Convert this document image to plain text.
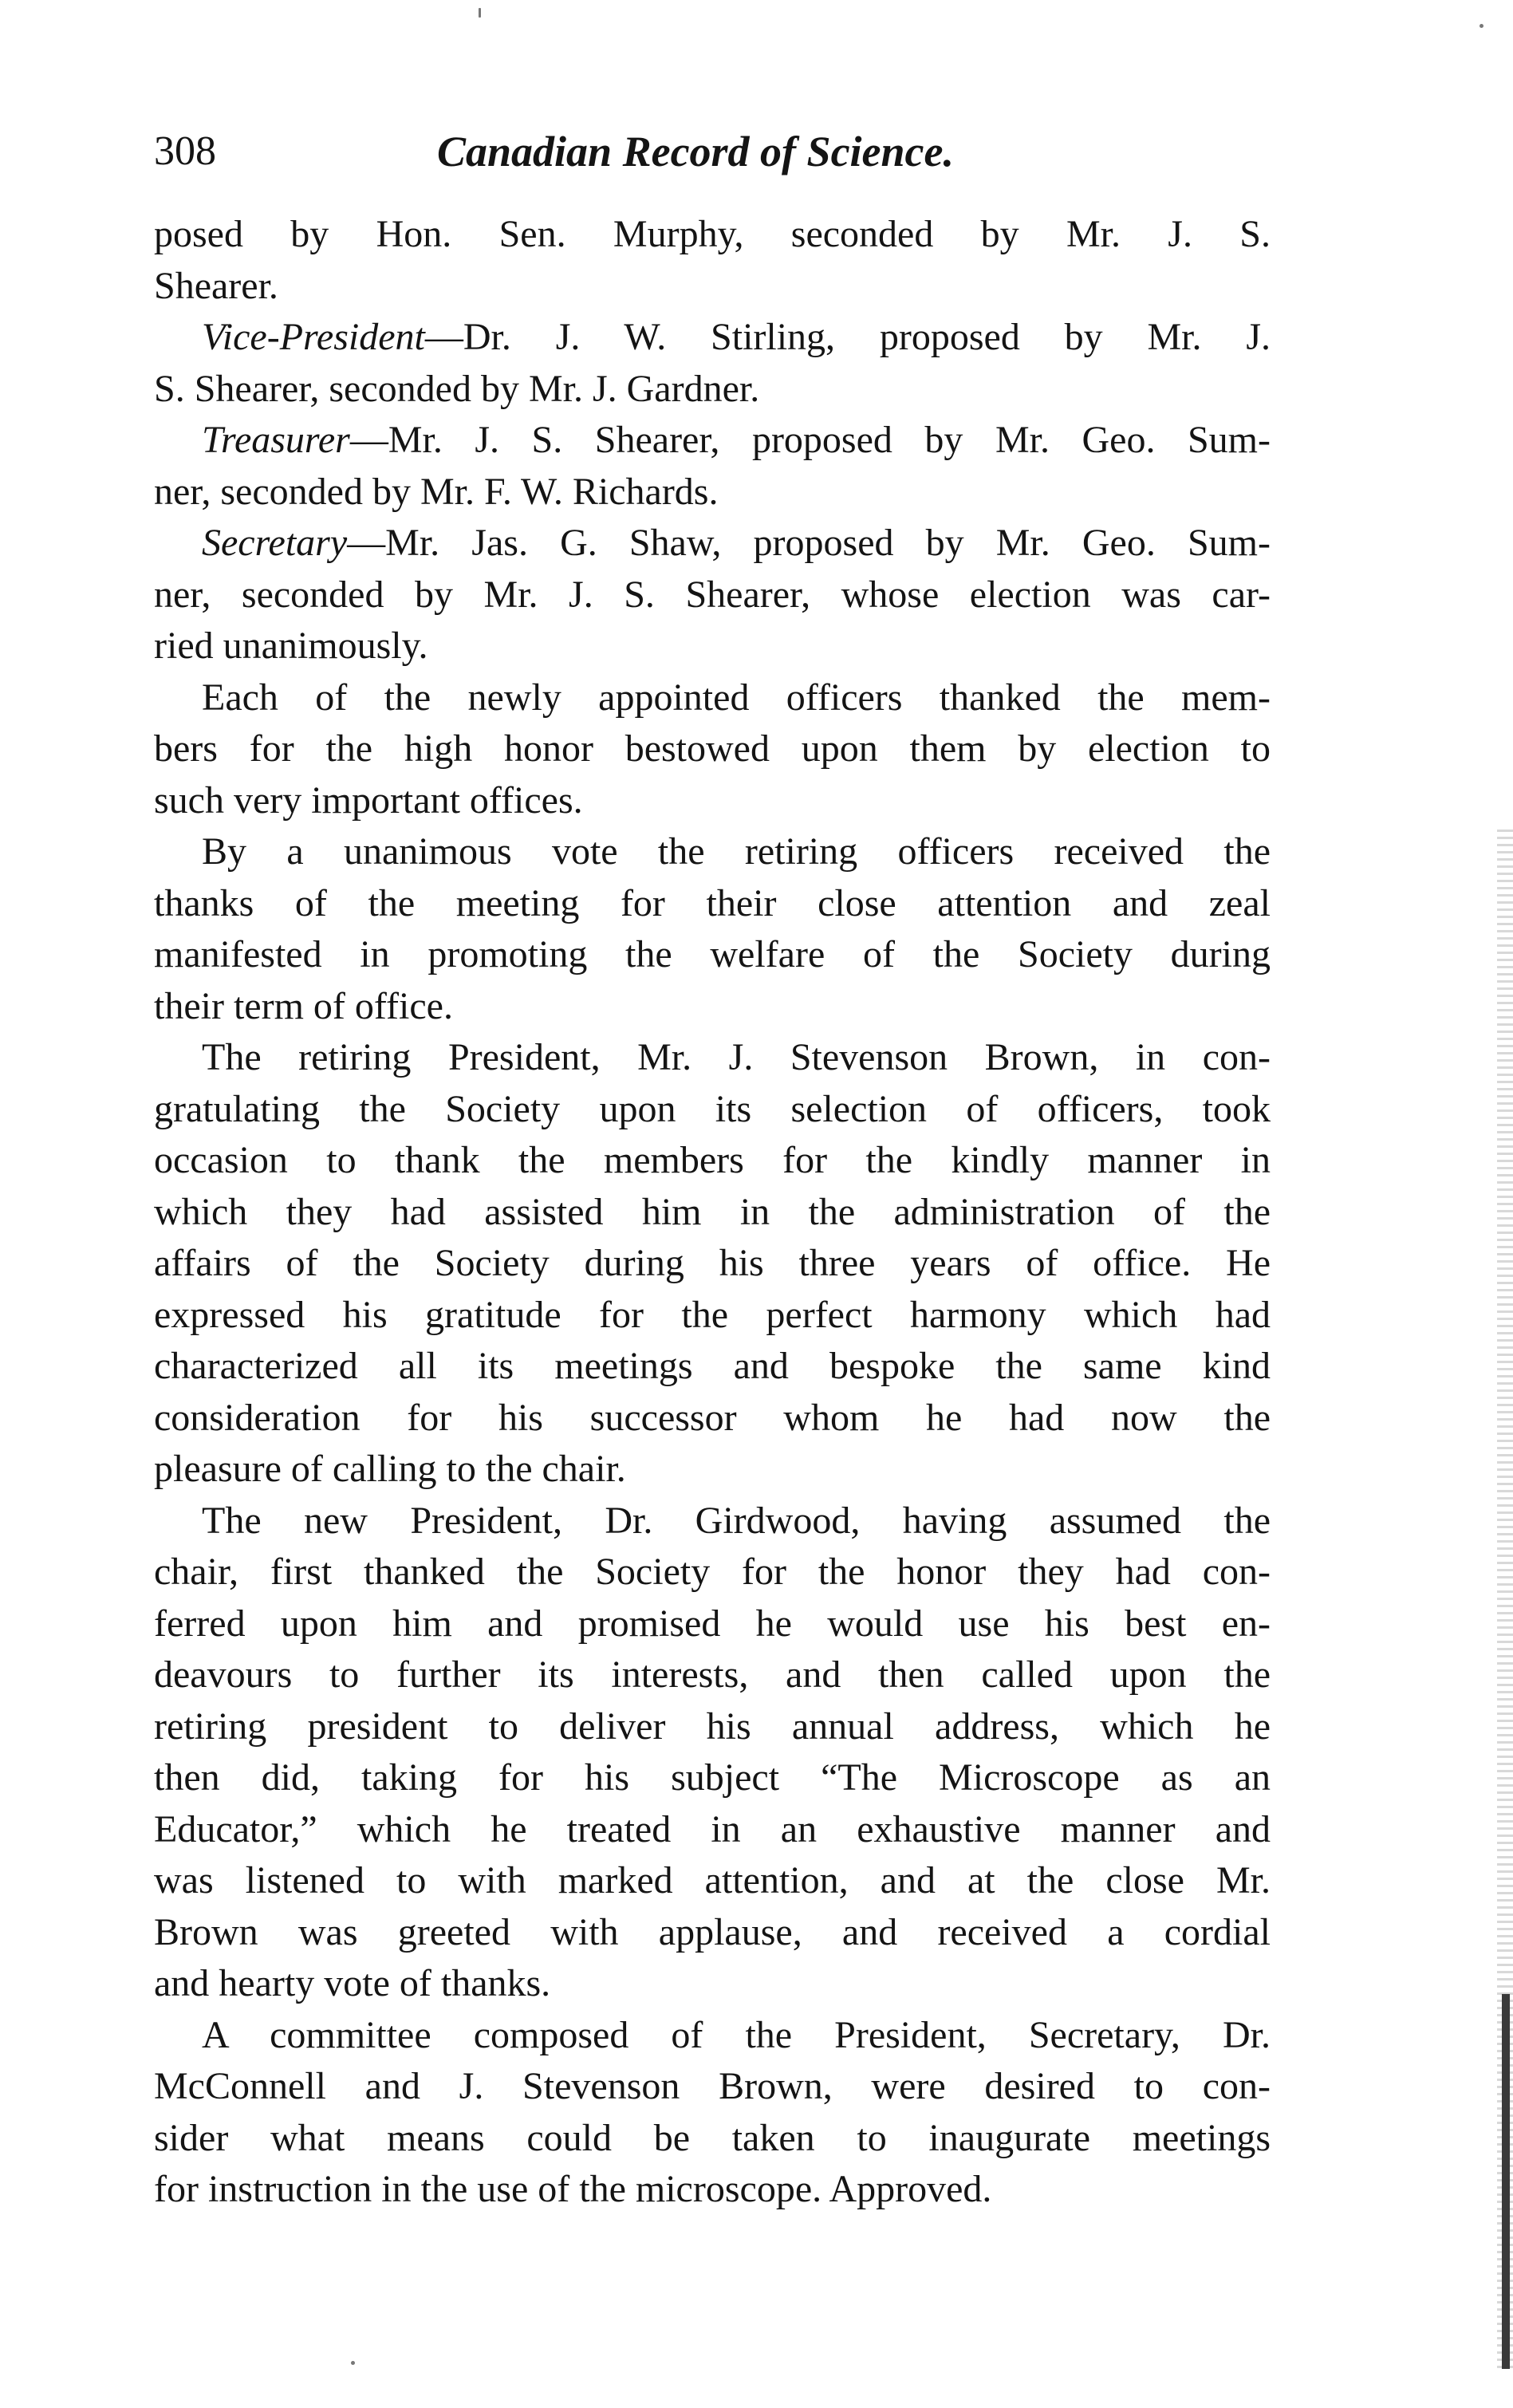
308	Canadian Record of Science.
posed by Hon. Sen. Murphy, seconded by Mr. J. S.
Shearer.
Vice-President—Dr. J. W. Stirling, proposed by Mr. J.
S. Shearer, seconded by Mr. J. Gardner.
Treasurer—Mr. J. S. Shearer, proposed by Mr. Geo. Sum-
ner, seconded by Mr. F. W. Richards.
Secretary—Mr. Jas. G. Shaw, proposed by Mr. Geo. Sum-
ner, seconded by Mr. J. S. Shearer, whose election was car-
ried unanimously.
Each of the newly appointed officers thanked the mem-
bers for the high honor bestowed upon them by election to
such very important offices.
By a unanimous vote the retiring officers received the
thanks of the meeting for their close attention and zeal
manifested in promoting the welfare of the Society during
their term of office.
The retiring President, Mr. J. Stevenson Brown, in con-
gratulating the Society upon its selection of officers, took
occasion to thank the members for the kindly manner in
which they had assisted him in the administration of the
affairs of the Society during his three years of office. He
expressed his gratitude for the perfect harmony which had
characterized all its meetings and bespoke the same kind
consideration for his successor whom he had now the
pleasure of calling to the chair.
The new President, Dr. Girdwood, having assumed the
chair, first thanked the Society for the honor they had con-
ferred upon him and promised he would use his best en-
deavours to further its interests, and then called upon the
retiring president to deliver his annual address, which he
then did, taking for his subject “The Microscope as an
Educator,” which he treated in an exhaustive manner and
was listened to with marked attention, and at the close Mr.
Brown was greeted with applause, and received a cordial
and hearty vote of thanks.
A committee composed of the President, Secretary, Dr.
McConnell and J. Stevenson Brown, were desired to con-
sider what means could be taken to inaugurate meetings
for instruction in the use of the microscope. Approved.
